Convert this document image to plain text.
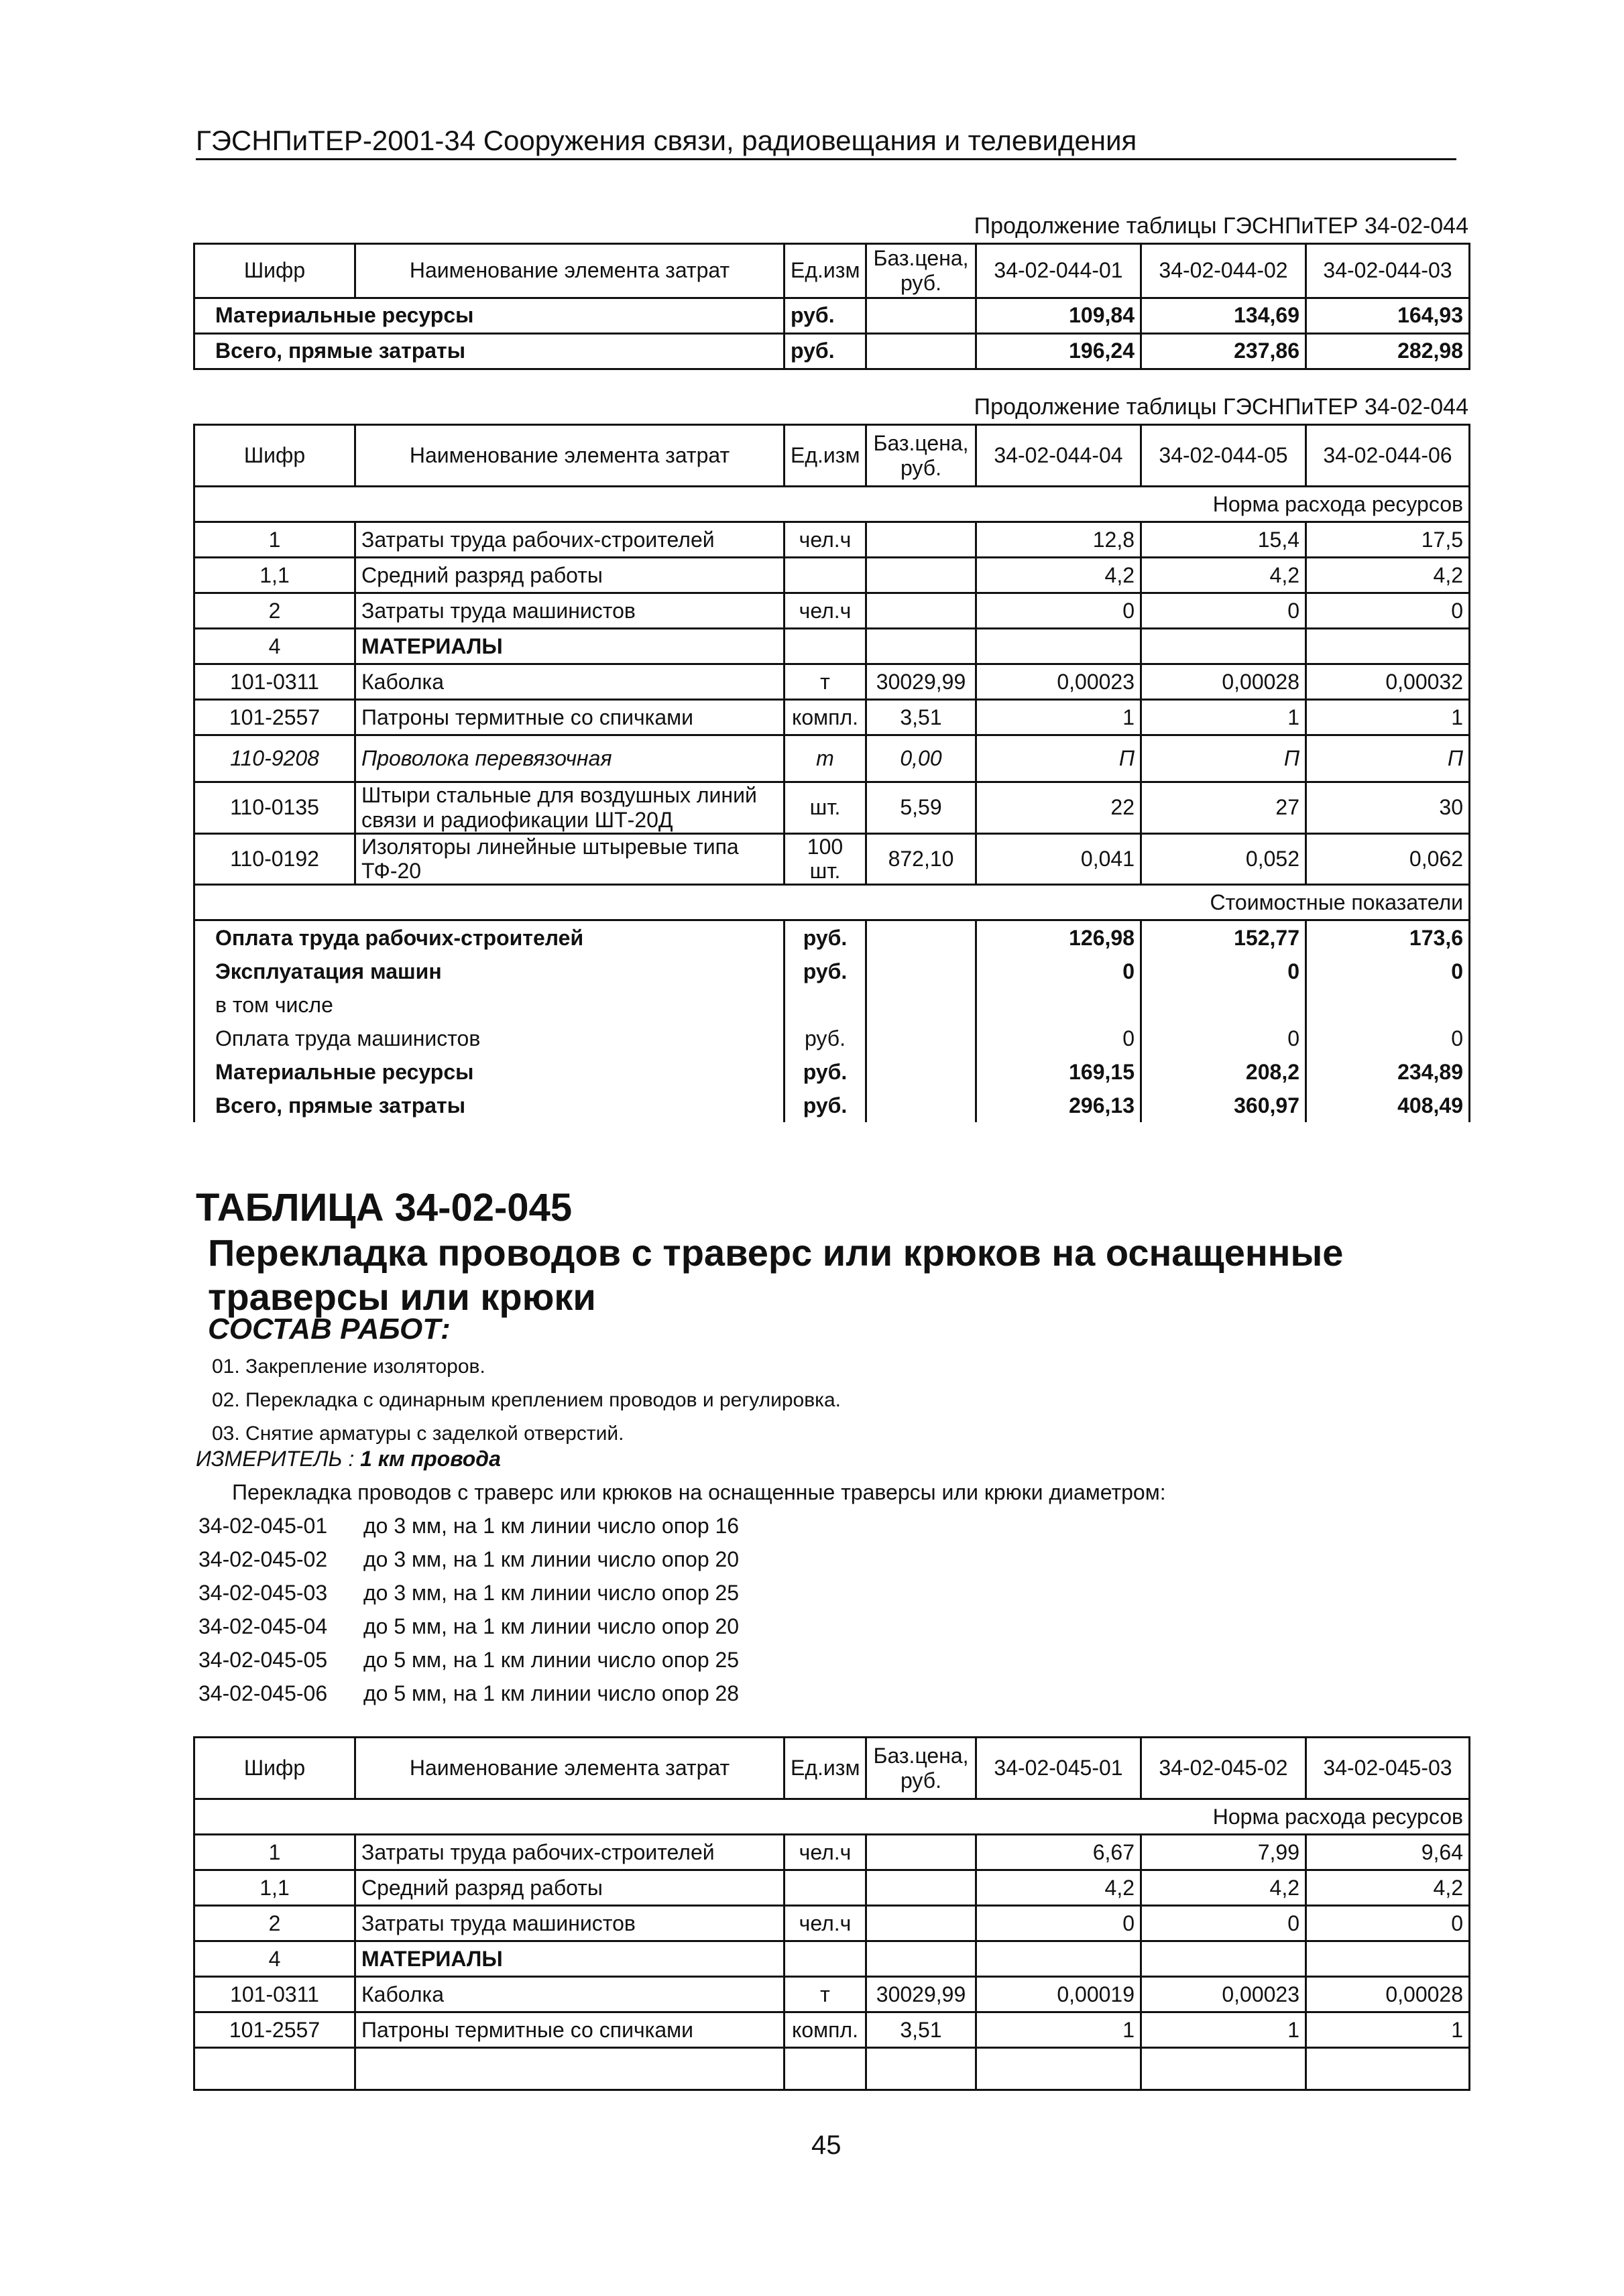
ГЭСНПиТЕР-2001-34 Сооружения связи, радиовещания и телевидения
Продолжение таблицы ГЭСНПиТЕР 34-02-044
Шифр	Наименование элемента затрат	Ед.изм	Баз.цена, руб.	34-02-044-01	34-02-044-02	34-02-044-03
Материальные ресурсы		руб.		109,84	134,69	164,93
Всего, прямые затраты		руб.		196,24	237,86	282,98
Продолжение таблицы ГЭСНПиТЕР 34-02-044
Шифр	Наименование элемента затрат	Ед.изм	Баз.цена, руб.	34-02-044-04	34-02-044-05	34-02-044-06
Норма расхода ресурсов						
1	Затраты труда рабочих-строителей	чел.ч		12,8	15,4	17,5
1,1	Средний разряд работы			4,2	4,2	4,2
2	Затраты труда машинистов	чел.ч		0	0	0
4	МАТЕРИАЛЫ					
101-0311	Каболка	т	30029,99	0,00023	0,00028	0,00032
101-2557	Патроны термитные со спичками	компл.	3,51	1	1	1
110-9208	Проволока перевязочная	т	0,00	П	П	П
110-0135	Штыри стальные для воздушных линий связи и радиофикации ШТ-20Д	шт.	5,59	22	27	30
110-0192	Изоляторы линейные штыревые типа ТФ-20	100 шт.	872,10	0,041	0,052	0,062
Стоимостные показатели						
Оплата труда рабочих-строителей		руб.		126,98	152,77	173,6
Эксплуатация машин		руб.		0	0	0
в том числе						
Оплата труда машинистов		руб.		0	0	0
Материальные ресурсы		руб.		169,15	208,2	234,89
Всего, прямые затраты		руб.		296,13	360,97	408,49
ТАБЛИЦА 34-02-045
Перекладка проводов с траверс или крюков на оснащенные траверсы или крюки
СОСТАВ РАБОТ:
01. Закрепление изоляторов.
02. Перекладка с одинарным креплением проводов и регулировка.
03. Снятие арматуры с заделкой отверстий.
ИЗМЕРИТЕЛЬ : 1 км провода
Перекладка проводов с траверс или крюков на оснащенные траверсы или крюки диаметром:
34-02-045-01 до 3 мм, на 1 км линии число опор 16
34-02-045-02 до 3 мм, на 1 км линии число опор 20
34-02-045-03 до 3 мм, на 1 км линии число опор 25
34-02-045-04 до 5 мм, на 1 км линии число опор 20
34-02-045-05 до 5 мм, на 1 км линии число опор 25
34-02-045-06 до 5 мм, на 1 км линии число опор 28
Шифр	Наименование элемента затрат	Ед.изм	Баз.цена, руб.	34-02-045-01	34-02-045-02	34-02-045-03
Норма расхода ресурсов						
1	Затраты труда рабочих-строителей	чел.ч		6,67	7,99	9,64
1,1	Средний разряд работы			4,2	4,2	4,2
2	Затраты труда машинистов	чел.ч		0	0	0
4	МАТЕРИАЛЫ					
101-0311	Каболка	т	30029,99	0,00019	0,00023	0,00028
101-2557	Патроны термитные со спичками	компл.	3,51	1	1	1

45
